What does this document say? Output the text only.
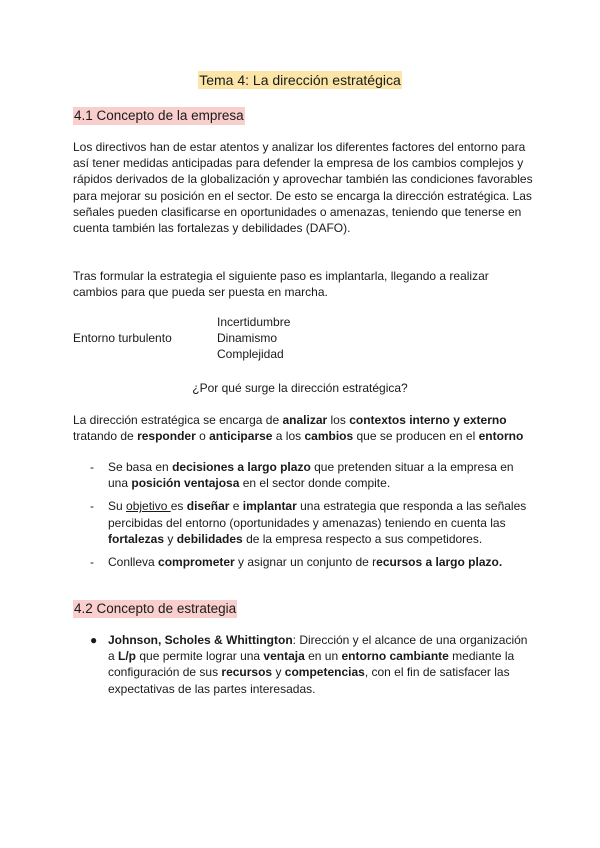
Tema 4: La dirección estratégica
4.1 Concepto de la empresa

Los directivos han de estar atentos y analizar los diferentes factores del entorno para así tener medidas anticipadas para defender la empresa de los cambios complejos y rápidos derivados de la globalización y aprovechar también las condiciones favorables para mejorar su posición en el sector. De esto se encarga la dirección estratégica. Las señales pueden clasificarse en oportunidades o amenazas, teniendo que tenerse en cuenta también las fortalezas y debilidades (DAFO).

Tras formular la estrategia el siguiente paso es implantarla, llegando a realizar cambios para que pueda ser puesta en marcha.

Entorno turbulento
Incertidumbre
Dinamismo
Complejidad
¿Por qué surge la dirección estratégica?

La dirección estratégica se encarga de analizar los contextos interno y externo tratando de responder o anticiparse a los cambios que se producen en el entorno

- Se basa en decisiones a largo plazo que pretenden situar a la empresa en una posición ventajosa en el sector donde compite.
- Su objetivo es diseñar e implantar una estrategia que responda a las señales percibidas del entorno (oportunidades y amenazas) teniendo en cuenta las fortalezas y debilidades de la empresa respecto a sus competidores.
- Conlleva comprometer y asignar un conjunto de recursos a largo plazo.
4.2 Concepto de estrategia
● Johnson, Scholes & Whittington: Dirección y el alcance de una organización a L/p que permite lograr una ventaja en un entorno cambiante mediante la configuración de sus recursos y competencias, con el fin de satisfacer las expectativas de las partes interesadas.
